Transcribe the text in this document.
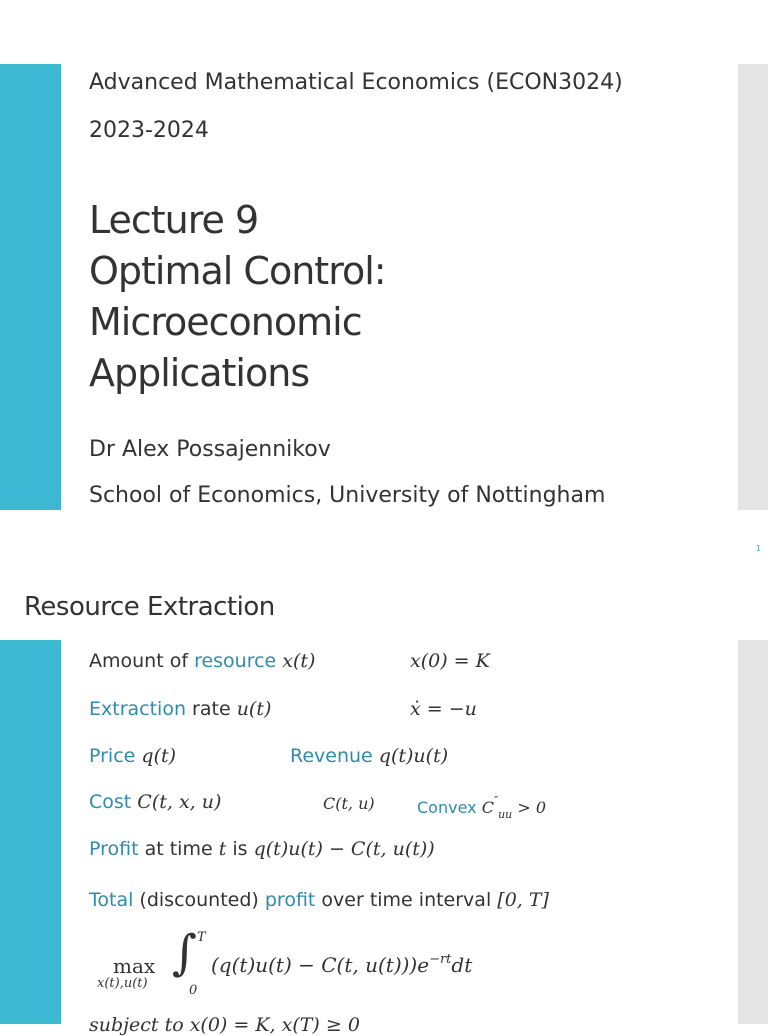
Advanced Mathematical Economics (ECON3024)
2023-2024
Lecture 9
Optimal Control:
Microeconomic
Applications
Dr Alex Possajennikov
School of Economics, University of Nottingham
1
Resource Extraction
Amount of resource x(t)	x(0) = K
Extraction rate u(t)	ẋ = −u
Price q(t)	Revenue q(t)u(t)
Cost C(t, x, u)	C(t, u)	Convex $C''_{uu} > 0$
Profit at time t is q(t)u(t) − C(t, u(t))
Total (discounted) profit over time interval [0, T]
max
x(t),u(t)
∫ T
0
(q(t)u(t) − C(t, $u(t)))e^{-rt}dt$
subject to x(0) = K, x(T) ≥ 0
